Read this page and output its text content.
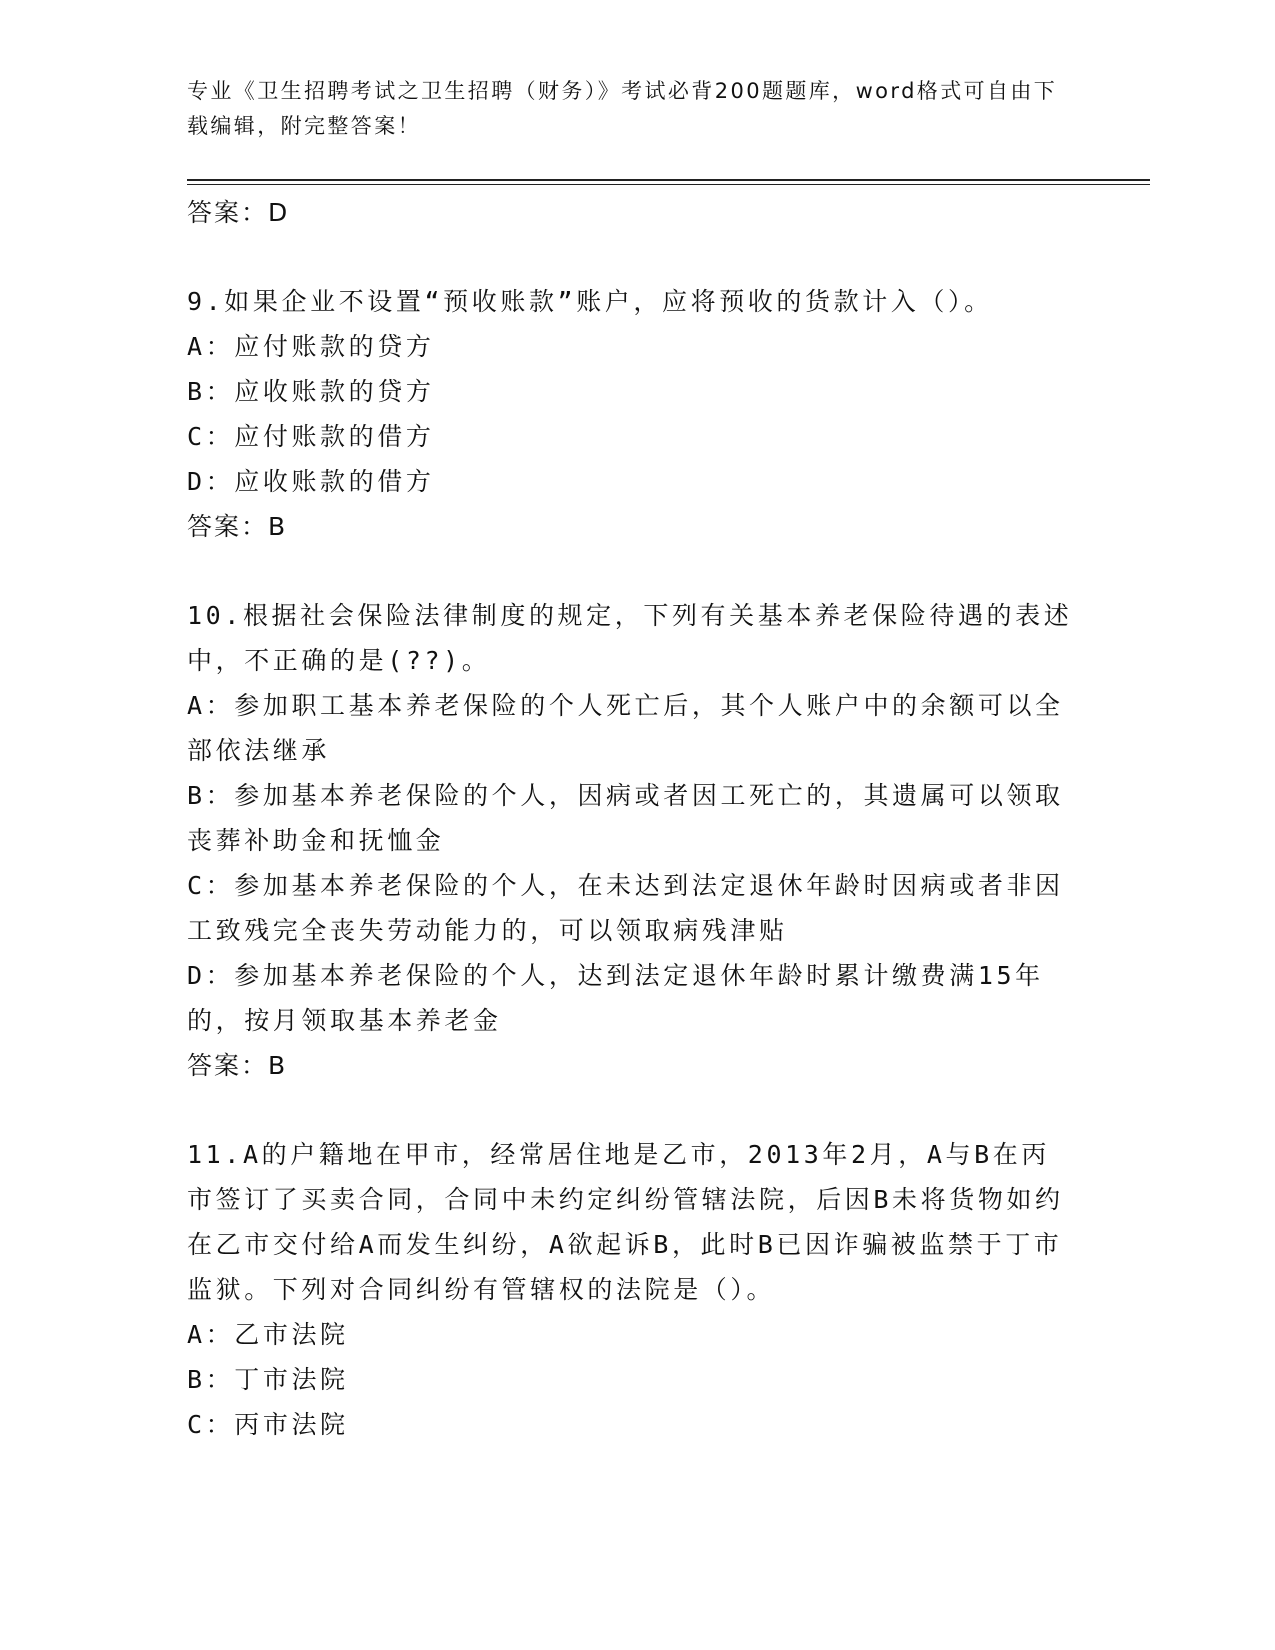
专业《卫生招聘考试之卫生招聘（财务）》考试必背200题题库，word格式可自由下载编辑，附完整答案！

答案：D

9.如果企业不设置“预收账款”账户，应将预收的货款计入（）。

A：应付账款的贷方

B：应收账款的贷方

C：应付账款的借方

D：应收账款的借方

答案：B

10.根据社会保险法律制度的规定，下列有关基本养老保险待遇的表述中，不正确的是(??)。

A：参加职工基本养老保险的个人死亡后，其个人账户中的余额可以全部依法继承

B：参加基本养老保险的个人，因病或者因工死亡的，其遗属可以领取丧葬补助金和抚恤金

C：参加基本养老保险的个人，在未达到法定退休年龄时因病或者非因工致残完全丧失劳动能力的，可以领取病残津贴

D：参加基本养老保险的个人，达到法定退休年龄时累计缴费满15年的，按月领取基本养老金

答案：B

11.A的户籍地在甲市，经常居住地是乙市，2013年2月，A与B在丙市签订了买卖合同，合同中未约定纠纷管辖法院，后因B未将货物如约在乙市交付给A而发生纠纷，A欲起诉B，此时B已因诈骗被监禁于丁市监狱。下列对合同纠纷有管辖权的法院是（）。

A：乙市法院

B：丁市法院

C：丙市法院
